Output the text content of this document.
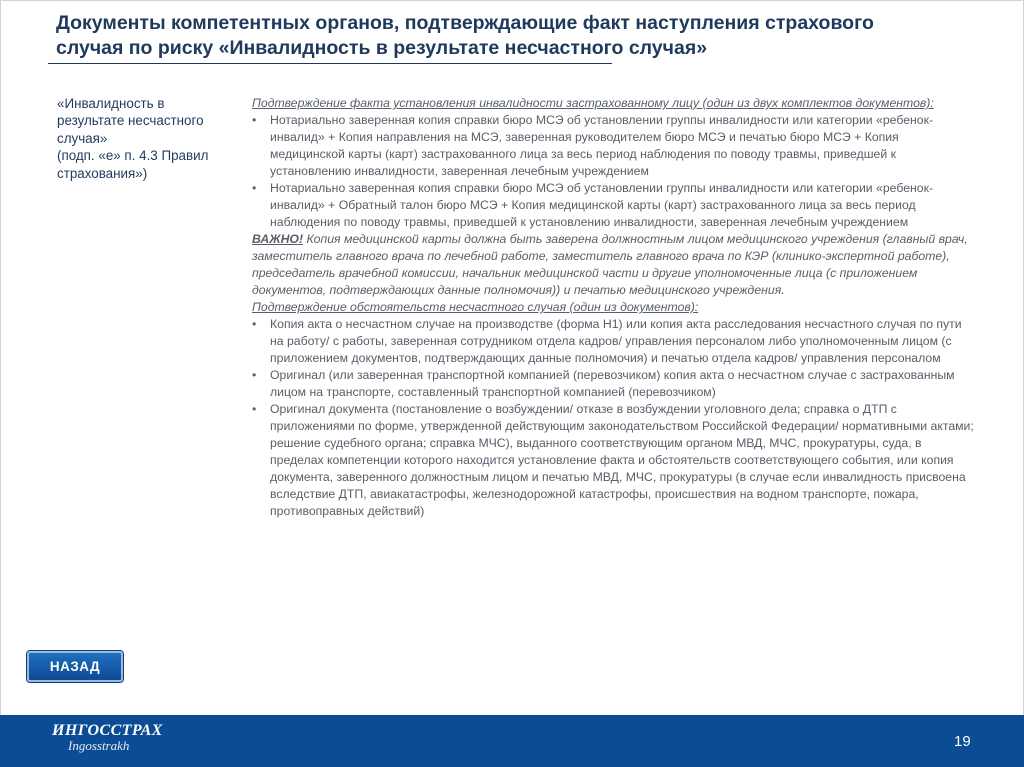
Документы компетентных органов, подтверждающие факт наступления страхового
случая по риску «Инвалидность в результате несчастного случая»

«Инвалидность в

результате несчастного

случая»

(подп. «е» п. 4.3 Правил

страхования»)

Подтверждение факта установления инвалидности застрахованному лицу (один из двух комплектов документов):
• Нотариально заверенная копия справки бюро МСЭ об установлении группы инвалидности или категории «ребенок-инвалид» + Копия направления на МСЭ, заверенная руководителем бюро МСЭ и печатью бюро МСЭ + Копия медицинской карты (карт) застрахованного лица за весь период наблюдения по поводу травмы, приведшей к установлению инвалидности, заверенная лечебным учреждением
• Нотариально заверенная копия справки бюро МСЭ об установлении группы инвалидности или категории «ребенок-инвалид» + Обратный талон бюро МСЭ + Копия медицинской карты (карт) застрахованного лица за весь период наблюдения по поводу травмы, приведшей к установлению инвалидности, заверенная лечебным учреждением
ВАЖНО! Копия медицинской карты должна быть заверена должностным лицом медицинского учреждения (главный врач, заместитель главного врача по лечебной работе, заместитель главного врача по КЭР (клинико-экспертной работе), председатель врачебной комиссии, начальник медицинской части и другие уполномоченные лица (с приложением документов, подтверждающих данные полномочия)) и печатью медицинского учреждения.
Подтверждение обстоятельств несчастного случая (один из документов):
• Копия акта о несчастном случае на производстве (форма Н1) или копия акта расследования несчастного случая по пути на работу/ с работы, заверенная сотрудником отдела кадров/ управления персоналом либо уполномоченным лицом (с приложением документов, подтверждающих данные полномочия) и печатью отдела кадров/ управления персоналом
• Оригинал (или заверенная транспортной компанией (перевозчиком) копия акта о несчастном случае с застрахованным лицом на транспорте, составленный транспортной компанией (перевозчиком)
• Оригинал документа (постановление о возбуждении/ отказе в возбуждении уголовного дела; справка о ДТП с приложениями по форме, утвержденной действующим законодательством Российской Федерации/ нормативными актами; решение судебного органа; справка МЧС), выданного соответствующим органом МВД, МЧС, прокуратуры, суда, в пределах компетенции которого находится установление факта и обстоятельств соответствующего события, или копия документа, заверенного должностным лицом и печатью МВД, МЧС, прокуратуры (в случае если инвалидность присвоена вследствие ДТП, авиакатастрофы, железнодорожной катастрофы, происшествия на водном транспорте, пожара, противоправных действий)
НАЗАД
ИНГОССТРАХ
Ingosstrakh	19
